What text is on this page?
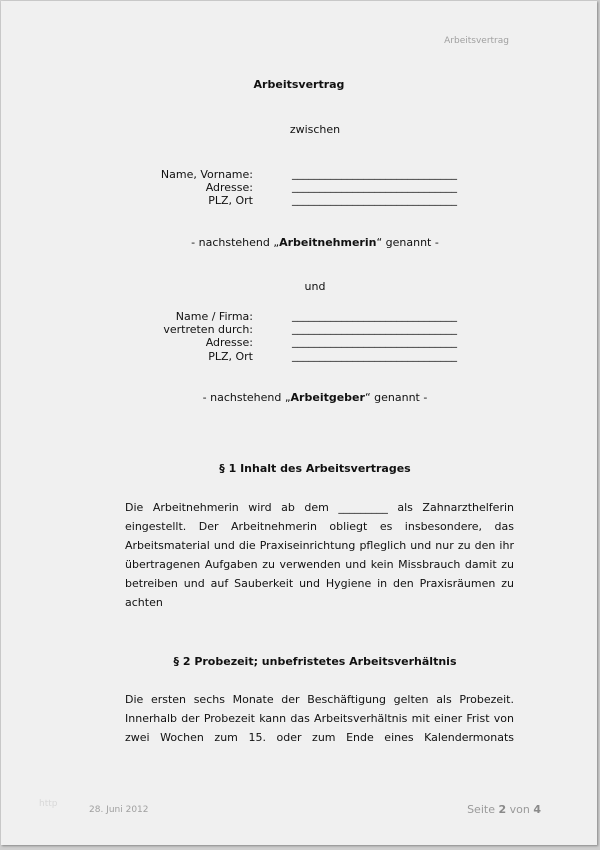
Arbeitsvertrag
Arbeitsvertrag
zwischen
Name, Vorname:	______________________________
Adresse:	______________________________
PLZ, Ort	______________________________
- nachstehend „Arbeitnehmerin“ genannt -
und
Name / Firma:	______________________________
vertreten durch:	______________________________
Adresse:	______________________________
PLZ, Ort	______________________________
- nachstehend „Arbeitgeber“ genannt -
§ 1 Inhalt des Arbeitsvertrages
Die Arbeitnehmerin wird ab dem _________ als Zahnarzthelferin
eingestellt. Der Arbeitnehmerin obliegt es insbesondere, das
Arbeitsmaterial und die Praxiseinrichtung pfleglich und nur zu den ihr
übertragenen Aufgaben zu verwenden und kein Missbrauch damit zu
betreiben und auf Sauberkeit und Hygiene in den Praxisräumen zu
achten
§ 2 Probezeit; unbefristetes Arbeitsverhältnis
Die ersten sechs Monate der Beschäftigung gelten als Probezeit.
Innerhalb der Probezeit kann das Arbeitsverhältnis mit einer Frist von
zwei Wochen zum 15. oder zum Ende eines Kalendermonats
http
28. Juni 2012	Seite 2 von 4
